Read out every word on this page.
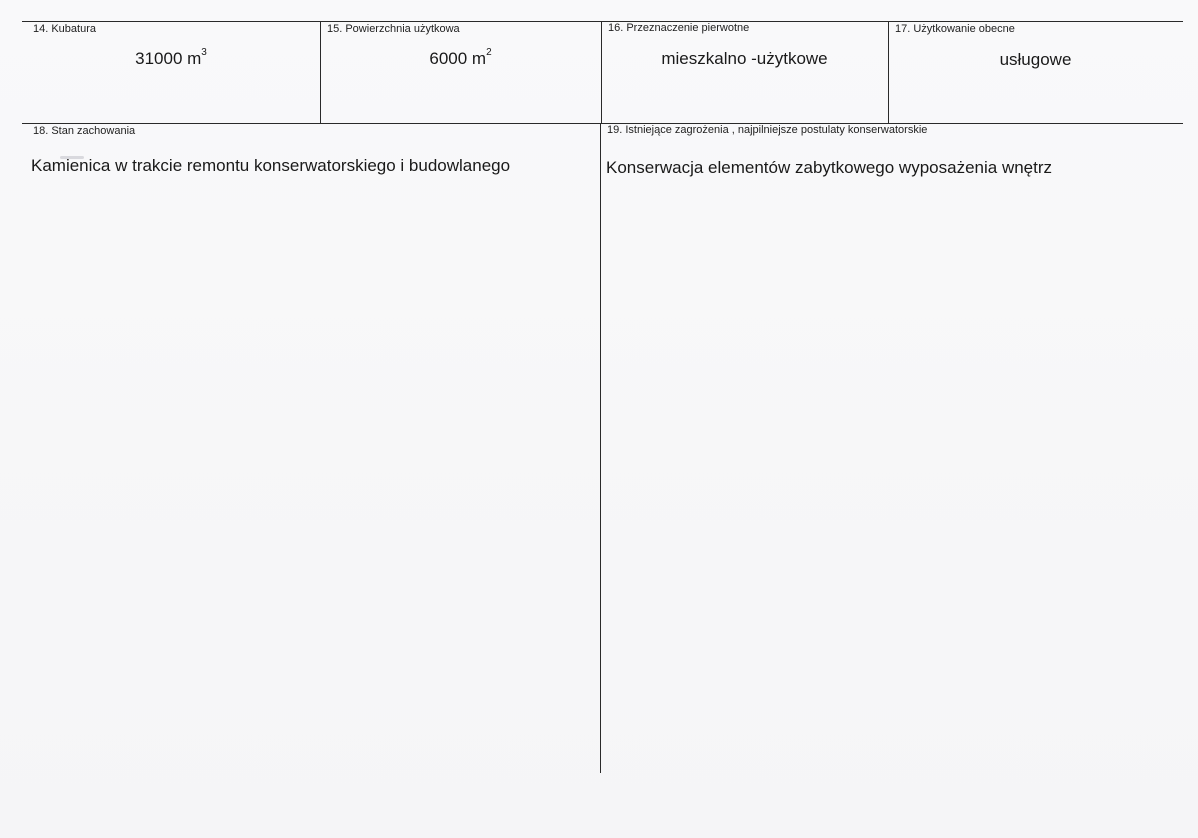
14. Kubatura	15. Powierzchnia użytkowa	16. Przeznaczenie pierwotne	17. Użytkowanie obecne
31000 $m^3$	6000 $m^2$	mieszkalno -użytkowe	usługowe
18. Stan zachowania	19. Istniejące zagrożenia , najpilniejsze postulaty konserwatorskie
Kamienica w trakcie remontu konserwatorskiego i budowlanego	Konserwacja elementów zabytkowego wyposażenia wnętrz
